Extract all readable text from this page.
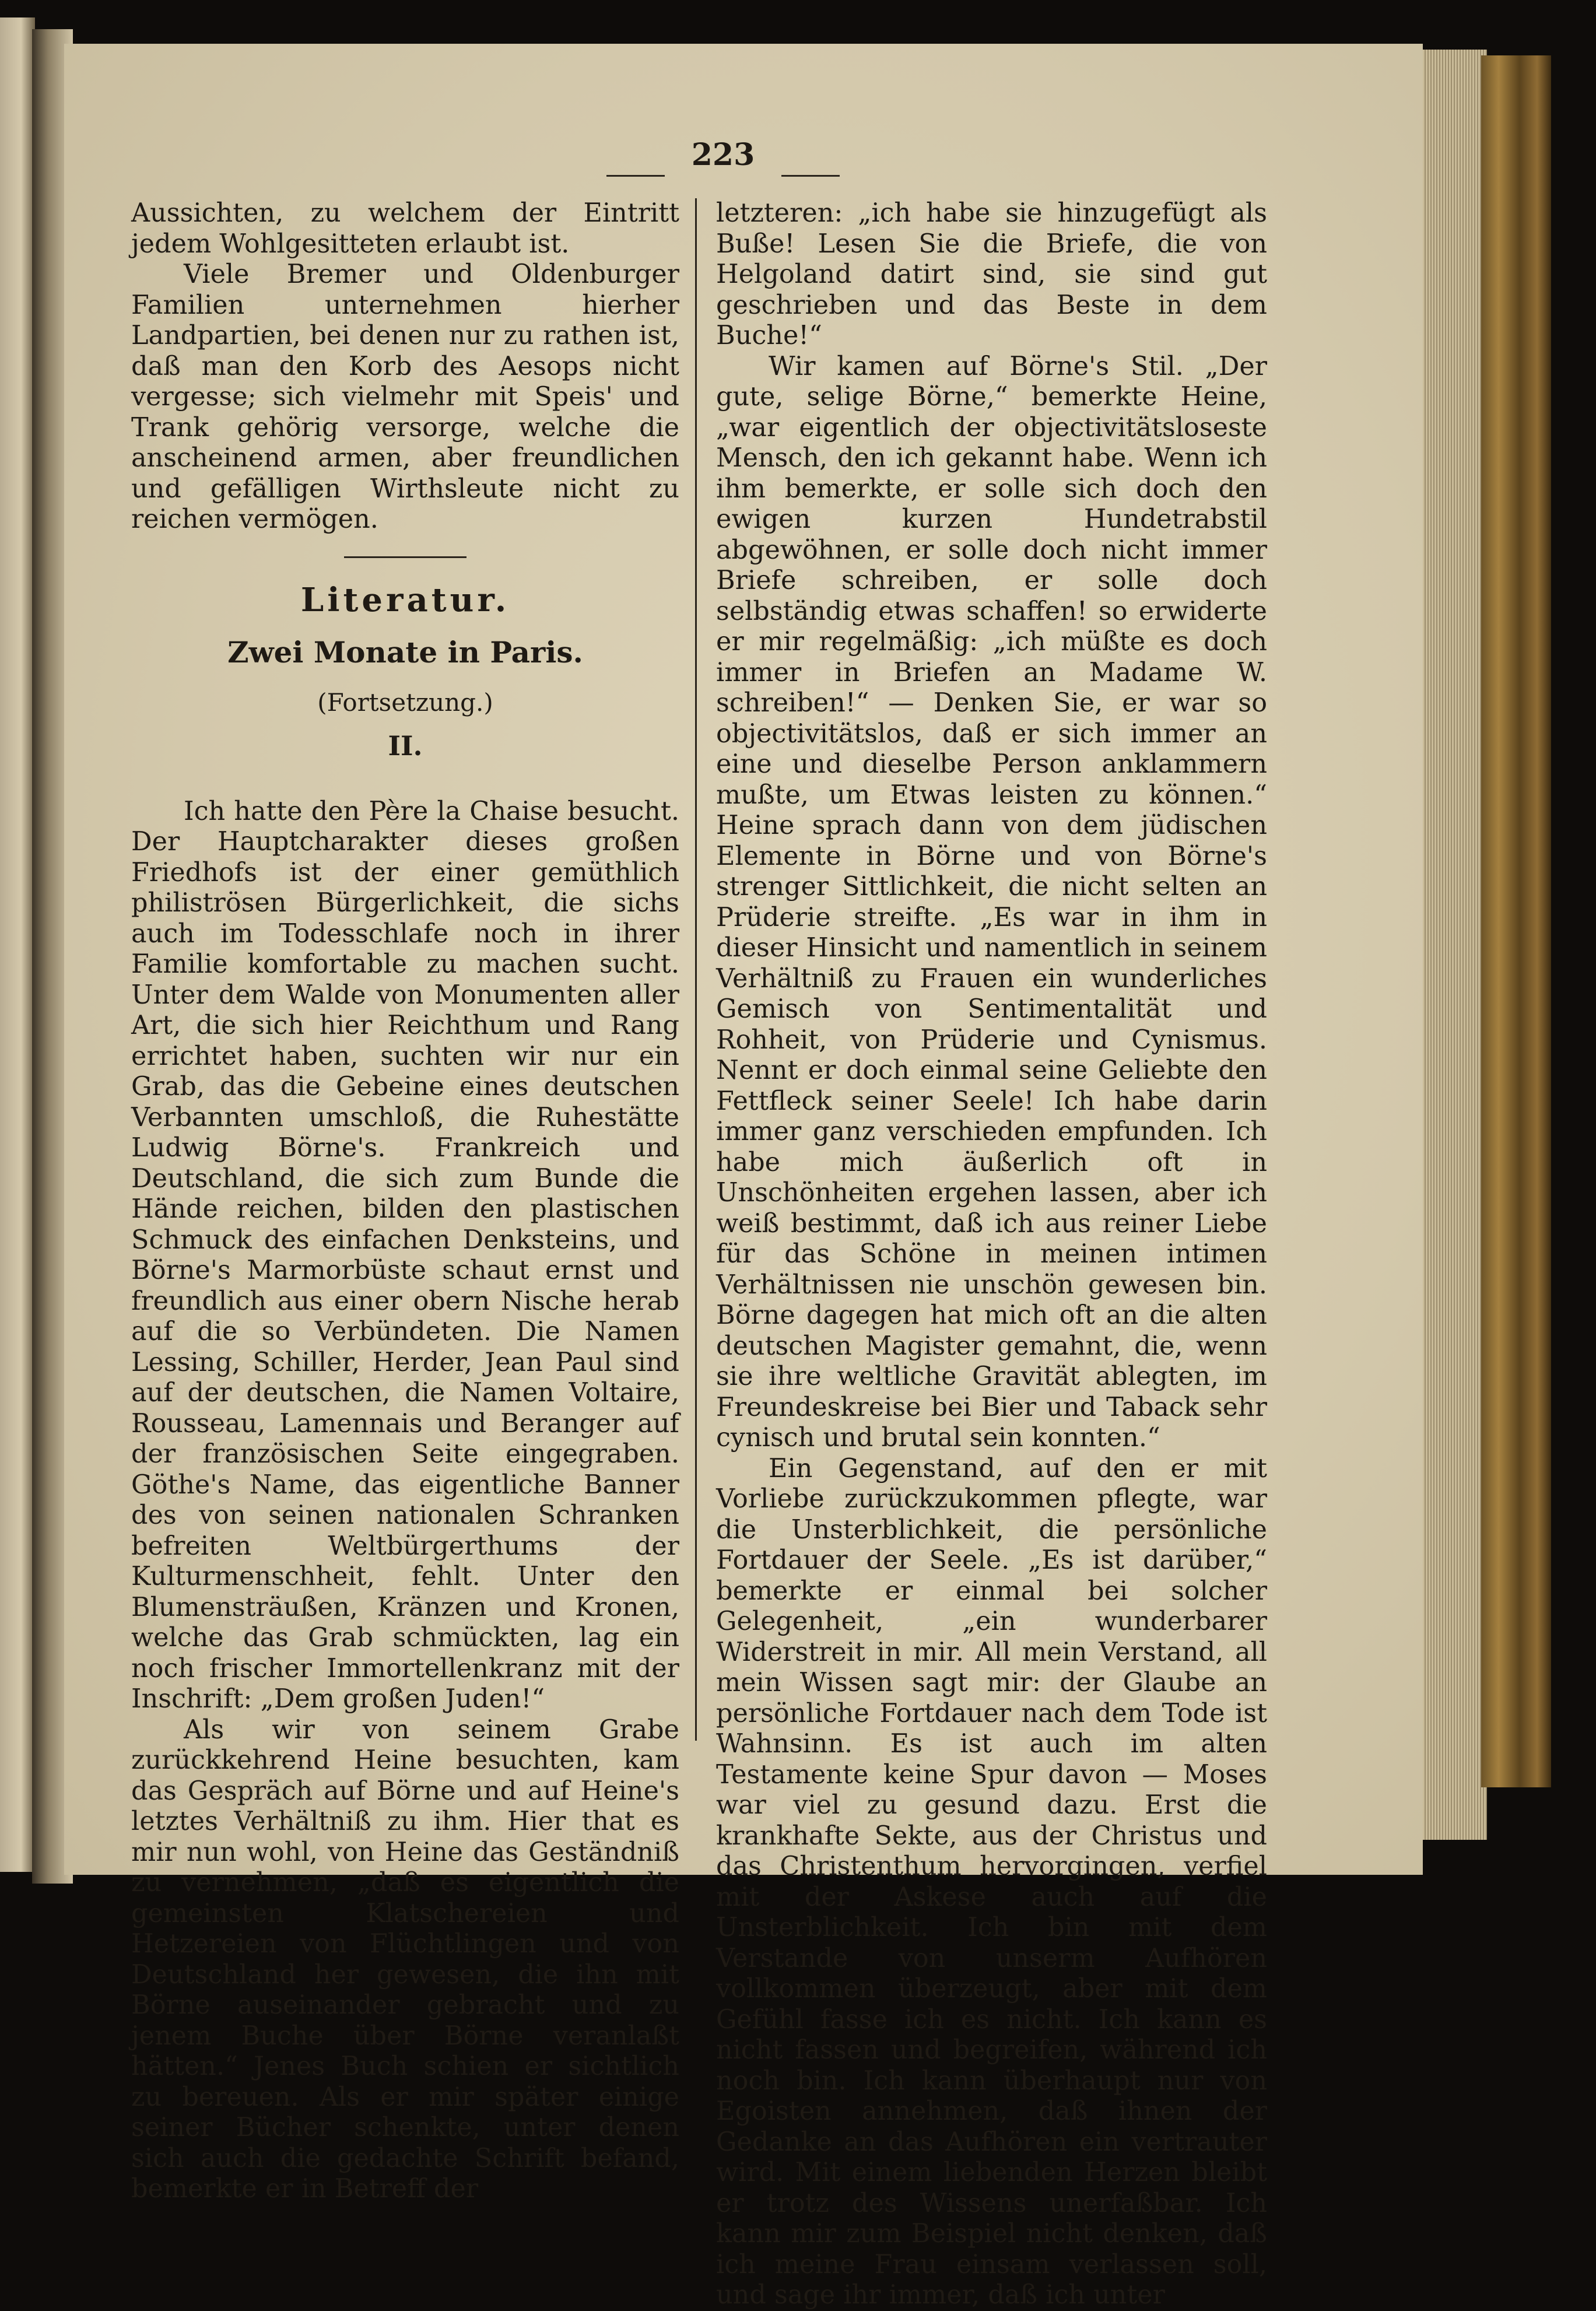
223

Aussichten, zu welchem der Eintritt jedem Wohlgesitteten erlaubt ist.

Viele Bremer und Oldenburger Familien unternehmen hierher Landpartien, bei denen nur zu rathen ist, daß man den Korb des Aesops nicht vergesse; sich vielmehr mit Speis' und Trank gehörig versorge, welche die anscheinend armen, aber freundlichen und gefälligen Wirthsleute nicht zu reichen vermögen.

Literatur.
Zwei Monate in Paris.
(Fortsetzung.)
II.

Ich hatte den Père la Chaise besucht. Der Hauptcharakter dieses großen Friedhofs ist der einer gemüthlich philiströsen Bürgerlichkeit, die sichs auch im Todesschlafe noch in ihrer Familie komfortable zu machen sucht. Unter dem Walde von Monumenten aller Art, die sich hier Reichthum und Rang errichtet haben, suchten wir nur ein Grab, das die Gebeine eines deutschen Verbannten umschloß, die Ruhestätte Ludwig Börne's. Frankreich und Deutschland, die sich zum Bunde die Hände reichen, bilden den plastischen Schmuck des einfachen Denksteins, und Börne's Marmorbüste schaut ernst und freundlich aus einer obern Nische herab auf die so Verbündeten. Die Namen Lessing, Schiller, Herder, Jean Paul sind auf der deutschen, die Namen Voltaire, Rousseau, Lamennais und Beranger auf der französischen Seite eingegraben. Göthe's Name, das eigentliche Banner des von seinen nationalen Schranken befreiten Weltbürgerthums der Kulturmenschheit, fehlt. Unter den Blumensträußen, Kränzen und Kronen, welche das Grab schmückten, lag ein noch frischer Immortellenkranz mit der Inschrift: „Dem großen Juden!“

Als wir von seinem Grabe zurückkehrend Heine besuchten, kam das Gespräch auf Börne und auf Heine's letztes Verhältniß zu ihm. Hier that es mir nun wohl, von Heine das Geständniß zu vernehmen, „daß es eigentlich die gemeinsten Klatschereien und Hetzereien von Flüchtlingen und von Deutschland her gewesen, die ihn mit Börne auseinander gebracht und zu jenem Buche über Börne veranlaßt hätten.“ Jenes Buch schien er sichtlich zu bereuen. Als er mir später einige seiner Bücher schenkte, unter denen sich auch die gedachte Schrift befand, bemerkte er in Betreff der

letzteren: „ich habe sie hinzugefügt als Buße! Lesen Sie die Briefe, die von Helgoland datirt sind, sie sind gut geschrieben und das Beste in dem Buche!“

Wir kamen auf Börne's Stil. „Der gute, selige Börne,“ bemerkte Heine, „war eigentlich der objectivitätsloseste Mensch, den ich gekannt habe. Wenn ich ihm bemerkte, er solle sich doch den ewigen kurzen Hundetrabstil abgewöhnen, er solle doch nicht immer Briefe schreiben, er solle doch selbständig etwas schaffen! so erwiderte er mir regelmäßig: „ich müßte es doch immer in Briefen an Madame W. schreiben!“ — Denken Sie, er war so objectivitätslos, daß er sich immer an eine und dieselbe Person anklammern mußte, um Etwas leisten zu können.“ Heine sprach dann von dem jüdischen Elemente in Börne und von Börne's strenger Sittlichkeit, die nicht selten an Prüderie streifte. „Es war in ihm in dieser Hinsicht und namentlich in seinem Verhältniß zu Frauen ein wunderliches Gemisch von Sentimentalität und Rohheit, von Prüderie und Cynismus. Nennt er doch einmal seine Geliebte den Fettfleck seiner Seele! Ich habe darin immer ganz verschieden empfunden. Ich habe mich äußerlich oft in Unschönheiten ergehen lassen, aber ich weiß bestimmt, daß ich aus reiner Liebe für das Schöne in meinen intimen Verhältnissen nie unschön gewesen bin. Börne dagegen hat mich oft an die alten deutschen Magister gemahnt, die, wenn sie ihre weltliche Gravität ablegten, im Freundeskreise bei Bier und Taback sehr cynisch und brutal sein konnten.“

Ein Gegenstand, auf den er mit Vorliebe zurückzukommen pflegte, war die Unsterblichkeit, die persönliche Fortdauer der Seele. „Es ist darüber,“ bemerkte er einmal bei solcher Gelegenheit, „ein wunderbarer Widerstreit in mir. All mein Verstand, all mein Wissen sagt mir: der Glaube an persönliche Fortdauer nach dem Tode ist Wahnsinn. Es ist auch im alten Testamente keine Spur davon — Moses war viel zu gesund dazu. Erst die krankhafte Sekte, aus der Christus und das Christenthum hervorgingen, verfiel mit der Askese auch auf die Unsterblichkeit. Ich bin mit dem Verstande von unserm Aufhören vollkommen überzeugt, aber mit dem Gefühl fasse ich es nicht. Ich kann es nicht fassen und begreifen, während ich noch bin. Ich kann überhaupt nur von Egoisten annehmen, daß ihnen der Gedanke an das Aufhören ein vertrauter wird. Mit einem liebenden Herzen bleibt er trotz des Wissens unerfaßbar. Ich kann mir zum Beispiel nicht denken, daß ich meine Frau einsam verlassen soll, und sage ihr immer, daß ich unter
